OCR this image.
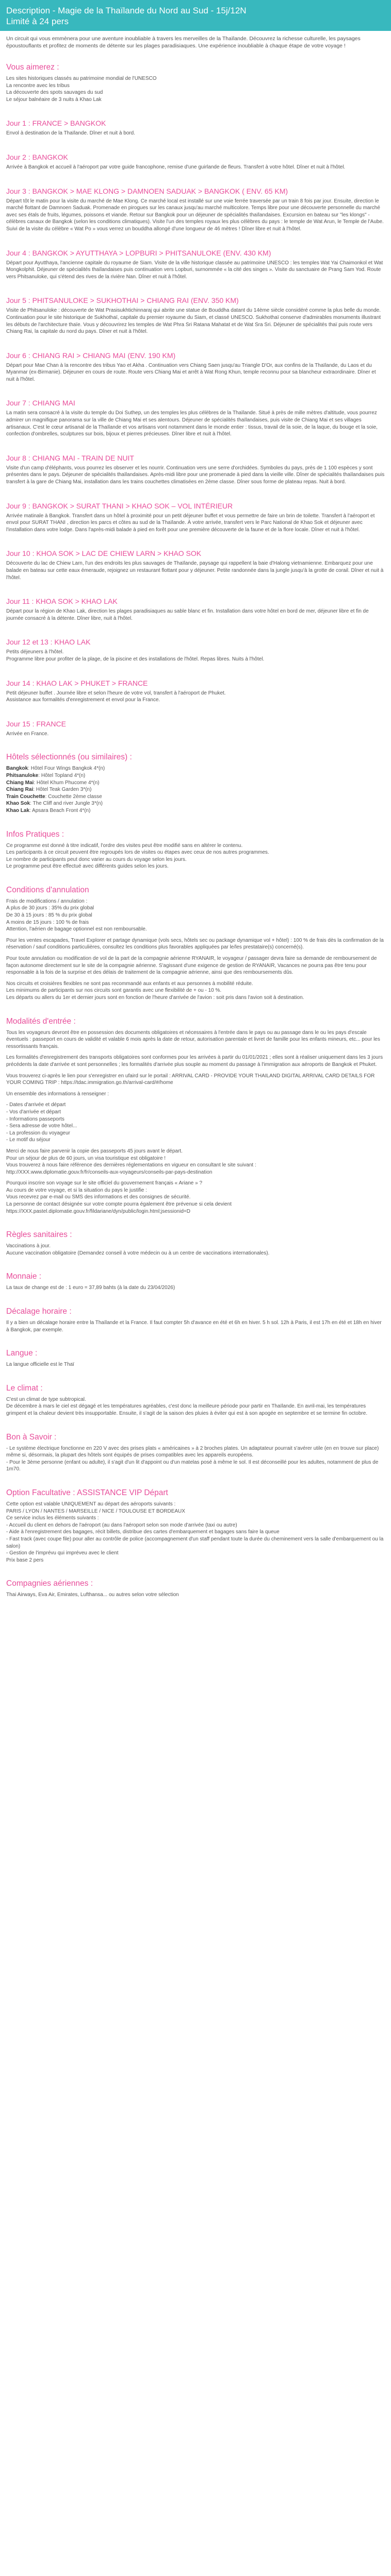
Description - Magie de la Thaïlande du Nord au Sud - 15j/12N
Limité à 24 pers

Un circuit qui vous emmènera pour une aventure inoubliable à travers les merveilles de la Thaïlande. Découvrez la richesse culturelle, les paysages époustouflants et profitez de moments de détente sur les plages paradisiaques. Une expérience inoubliable à chaque étape de votre voyage !

Vous aimerez :

Les sites historiques classés au patrimoine mondial de l'UNESCO
La rencontre avec les tribus
La découverte des spots sauvages du sud
Le séjour balnéaire de 3 nuits à Khao Lak

Jour 1 : FRANCE > BANGKOK

Envol à destination de la Thaïlande. Dîner et nuit à bord.

Jour 2 : BANGKOK

Arrivée à Bangkok et accueil à l'aéroport par votre guide francophone, remise d'une guirlande de fleurs. Transfert à votre hôtel. Dîner et nuit à l'hôtel.

Jour 3 : BANGKOK > MAE KLONG > DAMNOEN SADUAK > BANGKOK ( ENV. 65 KM)

Départ tôt le matin pour la visite du marché de Mae Klong. Ce marché local est installé sur une voie ferrée traversée par un train 8 fois par jour. Ensuite, direction le marché flottant de Damnoen Saduak. Promenade en pirogues sur les canaux jusqu'au marché multicolore. Temps libre pour une découverte personnelle du marché avec ses étals de fruits, légumes, poissons et viande. Retour sur Bangkok pour un déjeuner de spécialités thaïlandaises. Excursion en bateau sur "les klongs" - célèbres canaux de Bangkok (selon les conditions climatiques). Visite l'un des temples royaux les plus célèbres du pays : le temple de Wat Arun, le Temple de l'Aube. Suivi de la visite du célèbre « Wat Po » vous verrez un bouddha allongé d'une longueur de 46 mètres ! Dîner libre et nuit à l'hôtel.

Jour 4 : BANGKOK > AYUTTHAYA > LOPBURI > PHITSANULOKE (ENV. 430 KM)

Départ pour Ayutthaya, l'ancienne capitale du royaume de Siam. Visite de la ville historique classée au patrimoine UNESCO : les temples Wat Yai Chaimonkol et Wat Mongkolphit. Déjeuner de spécialités thaïlandaises puis continuation vers Lopburi, surnommée « la cité des singes ». Visite du sanctuaire de Prang Sam Yod. Route vers Phitsanuloke, qui s'étend des rives de la rivière Nan. Dîner et nuit à l'hôtel.

Jour 5 : PHITSANULOKE > SUKHOTHAI > CHIANG RAI (ENV. 350 KM)

Visite de Phitsanuloke : découverte de Wat Prasisukhtichinnaraj qui abrite une statue de Bouddha datant du 14ème siècle considéré comme la plus belle du monde. Continuation pour le site historique de Sukhothaï, capitale du premier royaume du Siam, et classé UNESCO. Sukhothaï conserve d'admirables monuments illustrant les débuts de l'architecture thaïe. Vous y découvrirez les temples de Wat Phra Sri Ratana Mahatat et de Wat Sra Sri. Déjeuner de spécialités thaï puis route vers Chiang Rai, la capitale du nord du pays. Dîner et nuit à l'hôtel.

Jour 6 : CHIANG RAI > CHIANG MAI (ENV. 190 KM)

Départ pour Mae Chan à la rencontre des tribus Yao et Akha . Continuation vers Chiang Saen jusqu'au Triangle D'Or, aux confins de la Thaïlande, du Laos et du Myanmar (ex-Birmanie). Déjeuner en cours de route. Route vers Chiang Mai et arrêt à Wat Rong Khun, temple reconnu pour sa blancheur extraordinaire. Dîner et nuit à l'hôtel.

Jour 7 : CHIANG MAI

La matin sera consacré à la visite du temple du Doi Suthep, un des temples les plus célèbres de la Thaïlande. Situé à près de mille mètres d'altitude, vous pourrez admirer un magnifique panorama sur la ville de Chiang Mai et ses alentours. Déjeuner de spécialités thaïlandaises, puis visite de Chiang Mai et ses villages artisanaux. C'est le cœur artisanal de la Thaïlande et vos artisans vont notamment dans le monde entier : tissus, travail de la soie, de la laque, du bouge et la soie, confection d'ombrelles, sculptures sur bois, bijoux et pierres précieuses. Dîner libre et nuit à l'hôtel.

Jour 8 : CHIANG MAI - TRAIN DE NUIT

Visite d'un camp d'éléphants, vous pourrez les observer et les nourrir. Continuation vers une serre d'orchidées. Symboles du pays, près de 1 100 espèces y sont présentes dans le pays. Déjeuner de spécialités thaïlandaises. Après-midi libre pour une promenade à pied dans la vieille ville. Dîner de spécialités thaïlandaises puis transfert à la gare de Chiang Mai, installation dans les trains couchettes climatisées en 2ème classe. Dîner sous forme de plateau repas. Nuit à bord.

Jour 9 : BANGKOK > SURAT THANI > KHAO SOK – VOL INTÉRIEUR

Arrivée matinale à Bangkok. Transfert dans un hôtel à proximité pour un petit déjeuner buffet et vous permettre de faire un brin de toilette. Transfert à l'aéroport et envol pour SURAT THANI , direction les parcs et côtes au sud de la Thaïlande. À votre arrivée, transfert vers le Parc National de Khao Sok et déjeuner avec l'installation dans votre lodge. Dans l'après-midi balade à pied en forêt pour une première découverte de la faune et de la flore locale. Dîner et nuit à l'hôtel.

Jour 10 : KHOA SOK > LAC DE CHIEW LARN > KHAO SOK

Découverte du lac de Chiew Larn, l'un des endroits les plus sauvages de Thaïlande, paysage qui rappellent la baie d'Halong vietnamienne. Embarquez pour une balade en bateau sur cette eaux émeraude, rejoignez un restaurant flottant pour y déjeuner. Petite randonnée dans la jungle jusqu'à la grotte de corail. Dîner et nuit à l'hôtel.

Jour 11 : KHOA SOK > KHAO LAK

Départ pour la région de Khao Lak, direction les plages paradisiaques au sable blanc et fin. Installation dans votre hôtel en bord de mer, déjeuner libre et fin de journée consacré à la détente. Dîner libre, nuit à l'hôtel.

Jour 12 et 13 : KHAO LAK

Petits déjeuners à l'hôtel.
Programme libre pour profiter de la plage, de la piscine et des installations de l'hôtel. Repas libres. Nuits à l'hôtel.

Jour 14 : KHAO LAK > PHUKET > FRANCE

Petit déjeuner buffet . Journée libre et selon l'heure de votre vol, transfert à l'aéroport de Phuket.
Assistance aux formalités d'enregistrement et envol pour la France.

Jour 15 : FRANCE

Arrivée en France.

Hôtels sélectionnés (ou similaires) :
Bangkok: Hôtel Four Wings Bangkok 4*(n)
Phitsanuloke: Hôtel Topland 4*(n)
Chiang Mai: Hôtel Khum Phucome 4*(n)
Chiang Rai: Hôtel Teak Garden 3*(n)
Train Couchette: Couchette 2ème classe
Khao Sok: The Cliff and river Jungle 3*(n)
Khao Lak: Apsara Beach Front 4*(n)
Infos Pratiques :

Ce programme est donné à titre indicatif, l'ordre des visites peut être modifié sans en altérer le contenu.
Les participants à ce circuit peuvent être regroupés lors de visites ou étapes avec ceux de nos autres programmes.
Le nombre de participants peut donc varier au cours du voyage selon les jours.
Le programme peut être effectué avec différents guides selon les jours.

Conditions d'annulation

Frais de modifications / annulation :
A plus de 30 jours : 35% du prix global
De 30 à 15 jours : 85 % du prix global
A moins de 15 jours : 100 % de frais
Attention, l'aérien de bagage optionnel est non remboursable.
Pour les ventes escapades, Travel Explorer et partage dynamique (vols secs, hôtels sec ou package dynamique vol + hôtel) : 100 % de frais dès la confirmation de la réservation / sauf conditions particulières, consultez les conditions plus favorables appliquées par le/les prestataire(s) concerné(s).
Pour toute annulation ou modification de vol de la part de la compagnie aérienne RYANAIR, le voyageur / passager devra faire sa demande de remboursement de façon autonome directement sur le site de la compagnie aérienne. S'agissant d'une exigence de gestion de RYANAIR, Vacances ne pourra pas être tenu pour responsable à la fois de la surprise et des délais de traitement de la compagnie aérienne, ainsi que des remboursements dûs.
Nos circuits et croisières flexibles ne sont pas recommandé aux enfants et aux personnes à mobilité réduite.
Les minimums de participants sur nos circuits sont garantis avec une flexibilité de + ou - 10 %.
Les départs ou allers du 1er et dernier jours sont en fonction de l'heure d'arrivée de l'avion : soit pris dans l'avion soit à destination.

Modalités d'entrée :

Tous les voyageurs devront être en possession des documents obligatoires et nécessaires à l'entrée dans le pays ou au passage dans le ou les pays d'escale éventuels : passeport en cours de validité et valable 6 mois après la date de retour, autorisation parentale et livret de famille pour les enfants mineurs, etc... pour les ressortissants français.
Les formalités d'enregistrement des transports obligatoires sont conformes pour les arrivées à partir du 01/01/2021 ; elles sont à réaliser uniquement dans les 3 jours précédents la date d'arrivée et sont personnelles ; les formalités d'arrivée plus souple au moment du passage à l'immigration aux aéroports de Bangkok et Phuket.
Vous trouverez ci-après le lien pour s'enregistrer en ufaird sur le portail : ARRIVAL CARD - PROVIDE YOUR THAILAND DIGITAL ARRIVAL CARD DETAILS FOR YOUR COMING TRIP : https://tdac.immigration.go.th/arrival-card/#/home
Un ensemble des informations à renseigner :
- Dates d'arrivée et départ
- Vos d'arrivée et départ
- Informations passeports
- Sera adresse de votre hôtel...
- La profession du voyageur
- Le motif du séjour
Merci de nous faire parvenir la copie des passeports 45 jours avant le départ.
Pour un séjour de plus de 60 jours, un visa touristique est obligatoire !
Vous trouverez à nous faire référence des dernières réglementations en vigueur en consultant le site suivant :
http://XXX.www.diplomatie.gouv.fr/fr/conseils-aux-voyageurs/conseils-par-pays-destination
Pourquoi inscrire son voyage sur le site officiel du gouvernement français « Ariane » ?
Au cours de votre voyage, et si la situation du pays le justifie :
Vous recevrez par e-mail ou SMS des informations et des consignes de sécurité.
La personne de contact désignée sur votre compte pourra également être prévenue si cela devient
https://XXX.pastel.diplomatie.gouv.fr/fildariane/dyn/public/login.html;jsessionid=D

Règles sanitaires :

Vaccinations à jour.
Aucune vaccination obligatoire (Demandez conseil à votre médecin ou à un centre de vaccinations internationales).

Monnaie :

La taux de change est de : 1 euro = 37,89 bahts (à la date du 23/04/2026)

Décalage horaire :

Il y a bien un décalage horaire entre la Thaïlande et la France. Il faut compter 5h d'avance en été et 6h en hiver. 5 h sol. 12h à Paris, il est 17h en été et 18h en hiver à Bangkok, par exemple.

Langue :

La langue officielle est le Thaï

Le climat :

C'est un climat de type subtropical.
De décembre à mars le ciel est dégagé et les températures agréables, c'est donc la meilleure période pour partir en Thaïlande. En avril-mai, les températures grimpent et la chaleur devient très insupportable. Ensuite, il s'agit de la saison des pluies à éviter qui est à son apogée en septembre et se termine fin octobre.

Bon à Savoir :

- Le système électrique fonctionne en 220 V avec des prises plats « américaines » à 2 broches plates. Un adaptateur pourrait s'avérer utile (en en trouve sur place) même si, désormais, la plupart des hôtels sont équipés de prises compatibles avec les appareils européens.
- Pour le 3ème personne (enfant ou adulte), il s'agit d'un lit d'appoint ou d'un matelas posé à même le sol. Il est déconseillé pour les adultes, notamment de plus de 1m70.

Option Facultative : ASSISTANCE VIP Départ

Cette option est valable UNIQUEMENT au départ des aéroports suivants :
PARIS / LYON / NANTES / MARSEILLE / NICE / TOULOUSE ET BORDEAUX
Ce service inclus les éléments suivants :
- Accueil du client en dehors de l'aéroport (au dans l'aéroport selon son mode d'arrivée (taxi ou autre)
- Aide à l'enregistrement des bagages, récit billets, distribue des cartes d'embarquement et bagages sans faire la queue
- Fast track (avec coupe file) pour aller au contrôle de police (accompagnement d'un staff pendant toute la durée du cheminement vers la salle d'embarquement ou la salon)
- Gestion de l'imprévu qui impréveu avec le client
Prix base 2 pers

Compagnies aériennes :

Thai Airways, Eva Air, Emirates, Lufthansa... ou autres selon votre sélection
